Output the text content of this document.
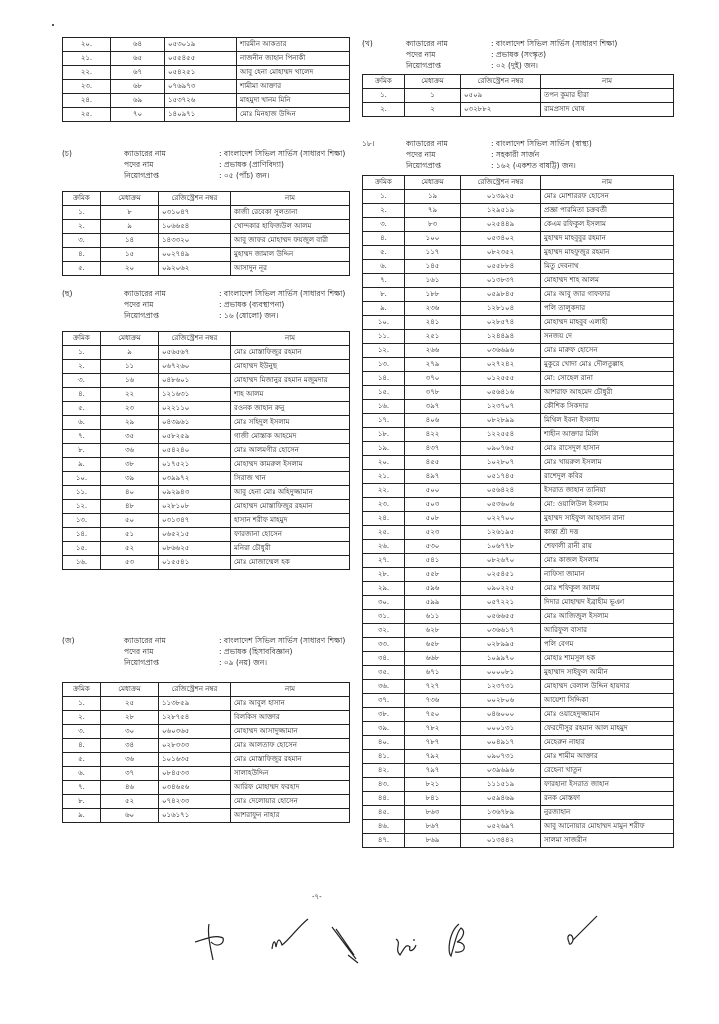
২০.	৬৪	০৫৩০১৯	শারমীন আকতার
২১.	৬৫	০৫৫৪৫৫	নাজনীন জাহান পিনাকী
২২.	৬৭	০৫৪২৫১	আবু হেনা মোহাম্মদ খালেদ
২৩.	৬৮	০৭৬৯৭৩	শামীমা আক্তার
২৪.	৬৯	১৫৩৭২৬	মাহমুদা খানম মিনি
২৫.	৭০	১৪০৯৭১	মোঃ মিনহাজ উদ্দিন
(চ)	ক্যাডারের নাম	: বাংলাদেশ সিভিল সার্ভিস (সাধারণ শিক্ষা)
পদের নাম	: প্রভাষক (প্রাণিবিদ্যা)
নিয়োগপ্রাপ্ত	: ০৫ (পাঁচ) জন।
ক্রমিক	মেধাক্রম	রেজিস্ট্রেশন নম্বর	নাম
১.	৮	০৩১০৪৭	কাজী রেবেকা সুলতানা
২.	৯	১০৬৬৫৪	খোন্দকার হাফিজউল আলম
৩.	১৪	১৪৩৩২০	আবু জাফর মোহাম্মদ ফয়জুল বারী
৪.	১৫	০০২৭৪৯	মুহাম্মদ জামাল উদ্দিন
৫.	২০	০৯২০৬২	আসাদুন নূর
(ছ)	ক্যাডারের নাম	: বাংলাদেশ সিভিল সার্ভিস (সাধারণ শিক্ষা)
পদের নাম	: প্রভাষক (ব্যবস্থাপনা)
নিয়োগপ্রাপ্ত	: ১৬ (ষোলো) জন।
ক্রমিক	মেধাক্রম	রেজিস্ট্রেশন নম্বর	নাম
১.	৯	০৫৬৫৬৭	মোঃ মোস্তাফিজুর রহমান
২.	১১	০৬৭২৬০	মোহাম্মদ ইউনুছ
৩.	১৬	০৪৮৬০১	মোহাম্মদ মিজানুর রহমান মজুমদার
৪.	২২	১২১৬৩১	শাহ আলম
৫.	২৩	০২২১১০	রওনক জাহান রুনু
৬.	২৯	০৪৩৯৬১	মোঃ সহিদুল ইসলাম
৭.	৩৫	০৫৮২৫৯	গাজী মোস্তাক আহমেদ
৮.	৩৬	০৫৪২৪০	মোঃ আলমগীর হোসেন
৯.	৩৮	০১৭৫২১	মোহাম্মদ কামরুল ইসলাম
১০.	৩৯	০৩৯৯৭২	সিরাজ খান
১১.	৪০	০৯২৯৪৩	আবু হেনা মোঃ অহিদুজ্জামান
১২.	৪৮	০২৮১০৮	মোহাম্মদ মোস্তাফিজুর রহমান
১৩.	৫০	০৩১৩৪৭	হাসান শরীফ মাহমুদ
১৪.	৫১	০৬৫২১৫	ফারজানা হোসেন
১৫.	৫২	০৮৬৬২৫	মনিরা চৌধুরী
১৬.	৫৩	০১৫৫৪১	মোঃ মোজাম্মেল হক
(জ)	ক্যাডারের নাম	: বাংলাদেশ সিভিল সার্ভিস (সাধারণ শিক্ষা)
পদের নাম	: প্রভাষক (হিসাববিজ্ঞান)
নিয়োগপ্রাপ্ত	: ০৯ (নয়) জন।
ক্রমিক	মেধাক্রম	রেজিস্ট্রেশন নম্বর	নাম
১.	২৫	১১৩৮৫৯	মোঃ আবুল হাসান
২.	২৮	১২৮৭৫৪	বিলকিস আক্তার
৩.	৩০	০৬০৩৬৫	মোহাম্মদ আসাদুজ্জামান
৪.	৩৪	০২৮৩৩৩	মোঃ আলতাফ হোসেন
৫.	৩৬	১০১৬৩৫	মোঃ মোস্তাফিজুর রহমান
৬.	৩৭	০৮৪৫৩৩	সালাহউদ্দিন
৭.	৪৬	০৩৪৬৫৬	আরিফ মোহাম্মদ ফরহাদ
৮.	৫২	০৭৪২৩৩	মোঃ দেলোয়ার হোসেন
৯.	৬০	০১৬১৭১	আশরাফুন নাহার
(খ)	ক্যাডারের নাম	: বাংলাদেশ সিভিল সার্ভিস (সাধারণ শিক্ষা)
পদের নাম	: প্রভাষক (সংস্কৃত)
নিয়োগপ্রাপ্ত	: ০২ (দুই) জন।
ক্রমিক	মেধাক্রম	রেজিস্ট্রেশন নম্বর	নাম
১.	১	০৫০৯	তপন কুমার হীরা
২.	২	০৩২৮৮২	রামপ্রসাদ ঘোষ
১৮।	ক্যাডারের নাম	: বাংলাদেশ সিভিল সার্ভিস (স্বাস্থ্য)
পদের নাম	: সহকারী সার্জন
নিয়োগপ্রাপ্ত	: ১৬২ (একশত বাষট্টি) জন।
ক্রমিক	মেধাক্রম	রেজিস্ট্রেশন নম্বর	নাম
১.	১৯	০১৩৯২৫	মোঃ মোশাররফ হোসেন
২.	৭৯	১২৯৫১৯	প্রজ্ঞা পারমিতা চক্রবর্তী
৩.	৮৩	০২৫৪৪৯	কেএম রফিকুল ইসলাম
৪.	১০০	০৫৩৪০২	মুহাম্মদ মাহবুবুর রহমান
৫.	১১৭	০৮২৩৫২	মুহাম্মদ মাহফুজুর রহমান
৬.	১৪৫	০৫৫৮৮৪	মিতু দেবনাথ
৭.	১৬১	০১৩৮৩৭	মোহাম্মদ শাহ আলম
৮.	১৮৮	০৫৯৮৪৫	মোঃ আবু জার গাফফার
৯.	২৩৬	১২৮১০৪	পলি তালুকদার
১০.	২৪১	০২৮৫৭৪	মোহাম্মদ মাহবুব এলাহী
১১.	২৫১	১২৪৪৯৪	সনজয় দে
১২.	২৬৬	০৩৬৬৯৬	মোঃ মারুফ হোসেন
১৩.	২৭৯	০২৭২৪২	মুকুরে খোদা মোঃ দৌলতুল্লাহ
১৪.	৩৭০	০১২৫৫৫	মো: সোহেল রানা
১৫.	৩৭৮	০৫৬৪১৬	আশরাফ আহমেদ চৌধুরী
১৬.	৩৯৭	১২৩৭০৭	কৌশিক সিকদার
১৭.	৪০৬	০৮২৮৯৯	মিথিল ইবনা ইসলাম
১৮.	৪২২	১২২৫৫৪	শাহীন আক্তার মিলি
১৯.	৪৩৭	০৯০৭৬৫	মোঃ রাসেদুল হাসান
২০.	৪৫৫	১০২৮০৭	মোঃ খায়রুল ইসলাম
২১.	৪৯৭	০৫১৭৪৫	রাশেদুল কবির
২২.	৫০০	০৫৬৪২৪	ইসরাত জাহান তানিয়া
২৩.	৫০৩	০৫৩৬০৬	মো: ওয়ালিউল ইসলাম
২৪.	৫০৮	০২২৭০০	মুহাম্মদ সাইফুল আহসান রানা
২৫.	৫২৩	১২৬১৯৫	কান্তা শ্রী দত্ত
২৬.	৫৩০	১০৬৭৭৮	শেফালী রানী রায়
২৭.	৫৪১	০৮২৬৭০	মোঃ কাজল ইসলাম
২৮.	৫৫৮	০২৫৪৫১	নাফিসা জামান
২৯.	৫৯৬	০৯০২২৫	মোঃ শফিকুল আলম
৩০.	৫৯৯	০৫৭২২১	দিদার মোহাম্মদ ইব্রাহীম ভূঞা
৩১.	৬১১	০৫৬৬৫৫	মোঃ আজিজুল ইসলাম
৩২.	৬২৮	০৩৬৬১৭	আরিফুল বাসার
৩৩.	৬৫৮	০২৮৯৯৫	পলি বেগম
৩৪.	৬৬৮	১০৯৯৭০	মোহাঃ শামসুল হক
৩৫.	৬৭১	০০০০৮১	মুহাম্মাদ সাইফুল আমীন
৩৬.	৭২৭	১২৩৭৩১	মোহাম্মদ বেলাল উদ্দিন হায়দার
৩৭.	৭৩৬	০০২৮০৬	আয়েশা সিদ্দিকা
৩৮.	৭৫০	০৪৬০০০	মোঃ ওয়াহেদুজ্জামান
৩৯.	৭৮২	০০০১৩১	ফেরদৌসুর রহমান আল মাহমুদ
৪০.	৭৮৭	০০৪৯১৭	মেহেরুন নাহার
৪১.	৭৯২	০৯০৭৩১	মোঃ শামীম আক্তার
৪২.	৭৯৭	০৩৯৬৯৬	রেহেনা খাতুন
৪৩.	৮২১	১১১৫১৯	ফারহানা ইসরাত জাহান
৪৪.	৮৪১	০৫৯৪৬৯	রনক মোস্তফা
৪৫.	৮৬৩	১৩৬৭৮৯	নুরজাহান
৪৬.	৮৬৭	০৫২৬৯৭	আবু আনোয়ার মোহাম্মদ মামুন শরীফ
৪৭.	৮৬৯	০১৩৪৪২	সালমা সাজরীন
-৭-
